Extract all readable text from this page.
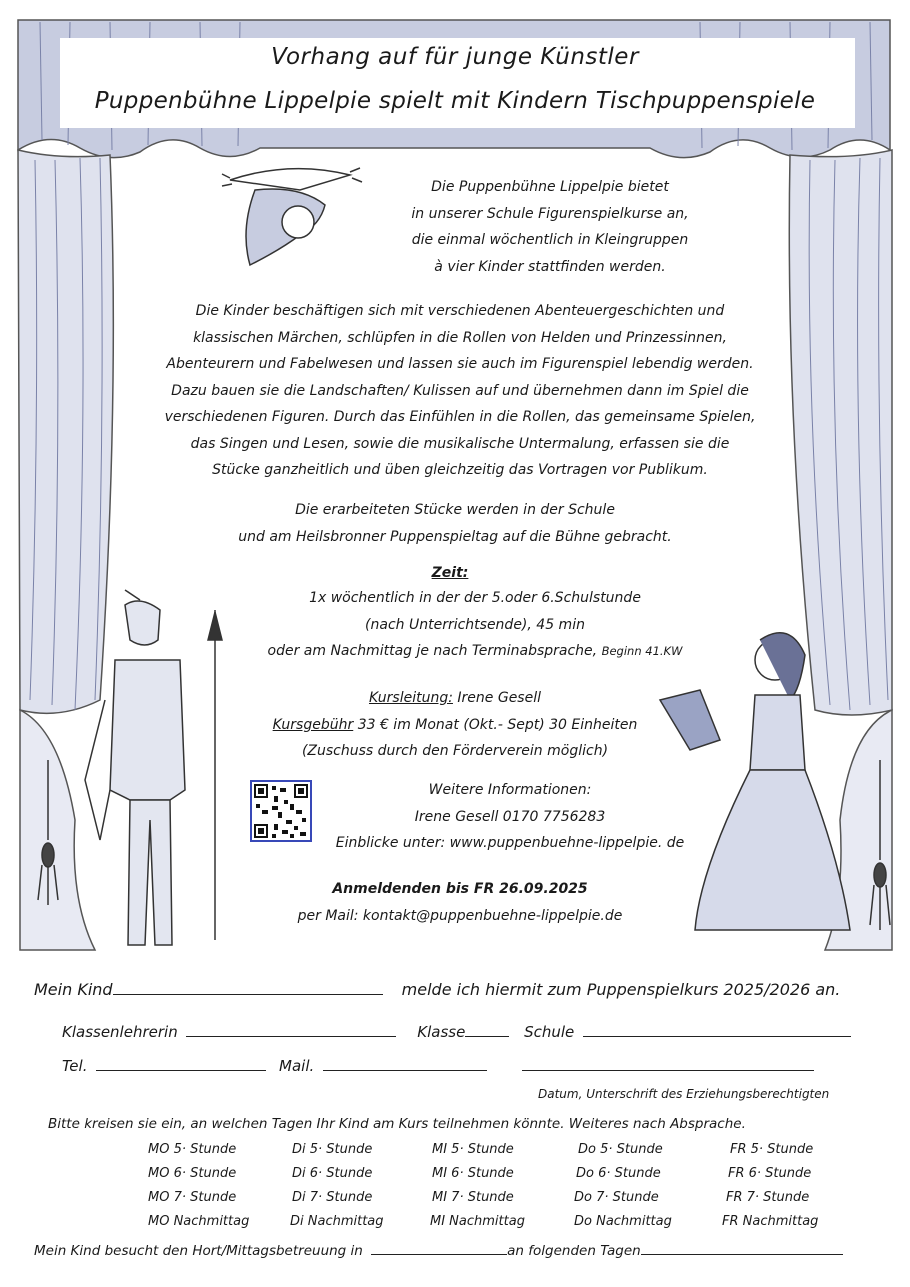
Vorhang auf für junge Künstler
Puppenbühne Lippelpie spielt mit Kindern Tischpuppenspiele
Die Puppenbühne Lippelpie bietet
in unserer Schule Figurenspielkurse an,
die einmal wöchentlich in Kleingruppen
à vier Kinder stattfinden werden.
Die Kinder beschäftigen sich mit verschiedenen Abenteuergeschichten und
klassischen Märchen, schlüpfen in die Rollen von Helden und Prinzessinnen,
Abenteurern und Fabelwesen und lassen sie auch im Figurenspiel lebendig werden.
Dazu bauen sie die Landschaften/ Kulissen auf und übernehmen dann im Spiel die
verschiedenen Figuren. Durch das Einfühlen in die Rollen, das gemeinsame Spielen,
das Singen und Lesen, sowie die musikalische Untermalung, erfassen sie die
Stücke ganzheitlich und üben gleichzeitig das Vortragen vor Publikum.
Die erarbeiteten Stücke werden in der Schule
und am Heilsbronner Puppenspieltag auf die Bühne gebracht.
Zeit:
1x wöchentlich in der der 5.oder 6.Schulstunde
(nach Unterrichtsende), 45 min
oder am Nachmittag je nach Terminabsprache, Beginn 41.KW
Kursleitung: Irene Gesell
Kursgebühr 33 € im Monat (Okt.- Sept) 30 Einheiten
(Zuschuss durch den Förderverein möglich)
Weitere Informationen:
Irene Gesell 0170 7756283
Einblicke unter: www.puppenbuehne-lippelpie. de
Anmeldenden bis FR 26.09.2025
per Mail: kontakt@puppenbuehne-lippelpie.de
Mein Kind	melde ich hiermit zum Puppenspielkurs 2025/2026 an.
Klassenlehrerin	Klasse	Schule
Tel.	Mail.
Datum, Unterschrift des Erziehungsberechtigten
Bitte kreisen sie ein, an welchen Tagen Ihr Kind am Kurs teilnehmen könnte. Weiteres nach Absprache.
MO 5· Stunde	Di 5· Stunde	MI 5· Stunde	Do 5· Stunde	FR 5· Stunde
MO 6· Stunde	Di 6· Stunde	MI 6· Stunde	Do 6· Stunde	FR 6· Stunde
MO 7· Stunde	Di 7· Stunde	MI 7· Stunde	Do 7· Stunde	FR 7· Stunde
MO Nachmittag	Di Nachmittag	MI Nachmittag	Do Nachmittag	FR Nachmittag
Mein Kind besucht den Hort/Mittagsbetreuung in	an folgenden Tagen
